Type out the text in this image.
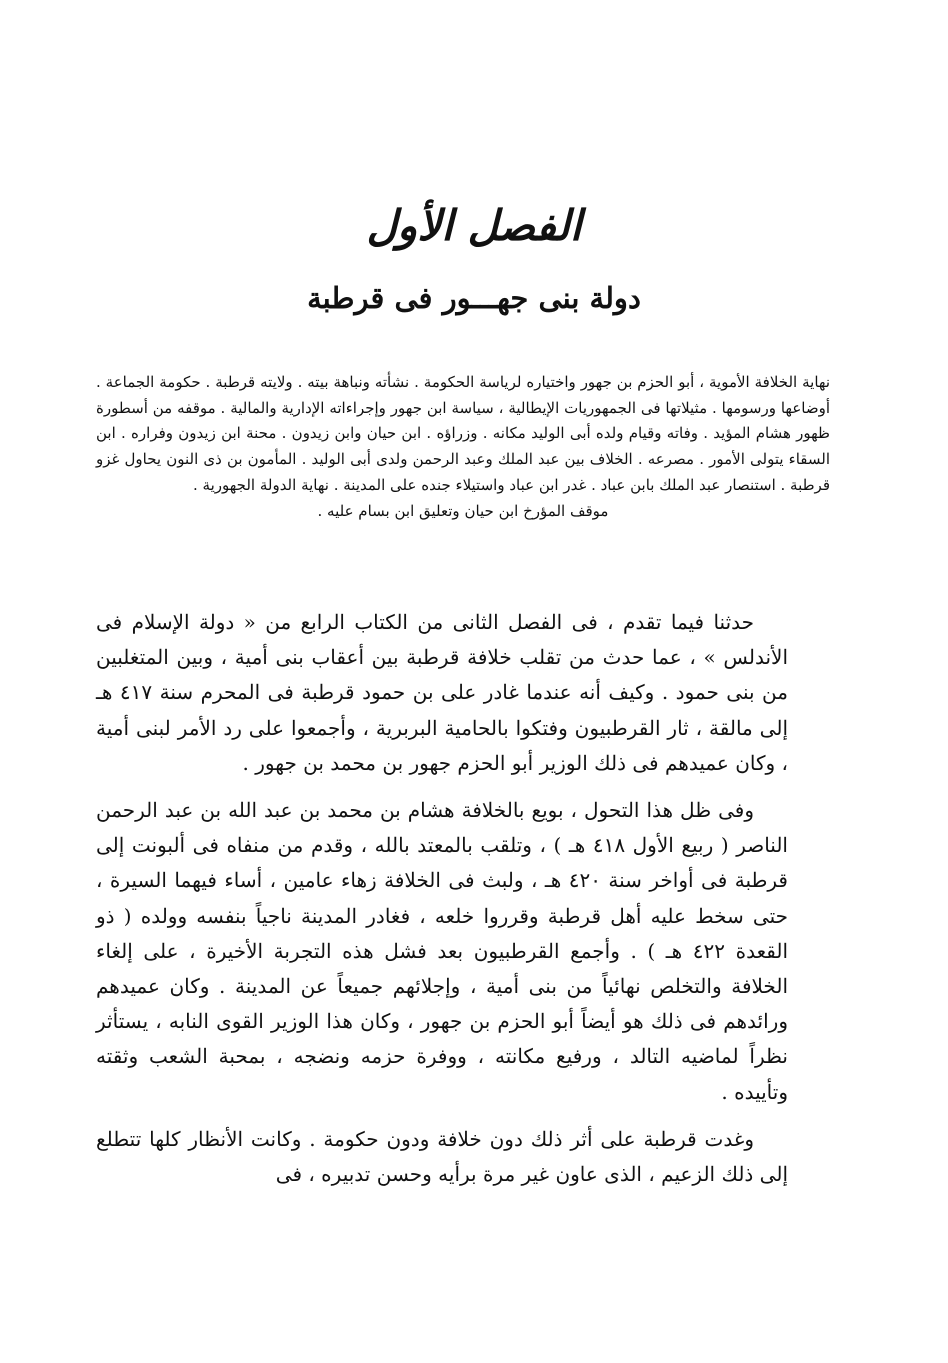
الفصل الأول
دولة بنى جهـــور فى قرطبة
نهاية الخلافة الأموية ، أبو الحزم بن جهور واختياره لرياسة الحكومة . نشأته ونباهة بيته . ولايته قرطبة . حكومة الجماعة . أوضاعها ورسومها . مثيلاتها فى الجمهوريات الإيطالية ، سياسة ابن جهور وإجراءاته الإدارية والمالية . موقفه من أسطورة ظهور هشام المؤيد . وفاته وقيام ولده أبى الوليد مكانه . وزراؤه . ابن حيان وابن زيدون . محنة ابن زيدون وفراره . ابن السقاء يتولى الأمور . مصرعه . الخلاف بين عبد الملك وعبد الرحمن ولدى أبى الوليد . المأمون بن ذى النون يحاول غزو قرطبة . استنصار عبد الملك بابن عباد . غدر ابن عباد واستيلاء جنده على المدينة . نهاية الدولة الجهورية .
موقف المؤرخ ابن حيان وتعليق ابن بسام عليه .

حدثنا فيما تقدم ، فى الفصل الثانى من الكتاب الرابع من « دولة الإسلام فى الأندلس » ، عما حدث من تقلب خلافة قرطبة بين أعقاب بنى أمية ، وبين المتغلبين من بنى حمود . وكيف أنه عندما غادر على بن حمود قرطبة فى المحرم سنة ٤١٧ هـ إلى مالقة ، ثار القرطبيون وفتكوا بالحامية البربرية ، وأجمعوا على رد الأمر لبنى أمية ، وكان عميدهم فى ذلك الوزير أبو الحزم جهور بن محمد بن جهور .

وفى ظل هذا التحول ، بويع بالخلافة هشام بن محمد بن عبد الله بن عبد الرحمن الناصر ( ربيع الأول ٤١٨ هـ ) ، وتلقب بالمعتد بالله ، وقدم من منفاه فى ألبونت إلى قرطبة فى أواخر سنة ٤٢٠ هـ ، ولبث فى الخلافة زهاء عامين ، أساء فيهما السيرة ، حتى سخط عليه أهل قرطبة وقرروا خلعه ، فغادر المدينة ناجياً بنفسه وولده ( ذو القعدة ٤٢٢ هـ ) . وأجمع القرطبيون بعد فشل هذه التجربة الأخيرة ، على إلغاء الخلافة والتخلص نهائياً من بنى أمية ، وإجلائهم جميعاً عن المدينة . وكان عميدهم ورائدهم فى ذلك هو أيضاً أبو الحزم بن جهور ، وكان هذا الوزير القوى النابه ، يستأثر نظراً لماضيه التالد ، ورفيع مكانته ، ووفرة حزمه ونضجه ، بمحبة الشعب وثقته وتأييده .

وغدت قرطبة على أثر ذلك دون خلافة ودون حكومة . وكانت الأنظار كلها تتطلع إلى ذلك الزعيم ، الذى عاون غير مرة برأيه وحسن تدبيره ، فى
